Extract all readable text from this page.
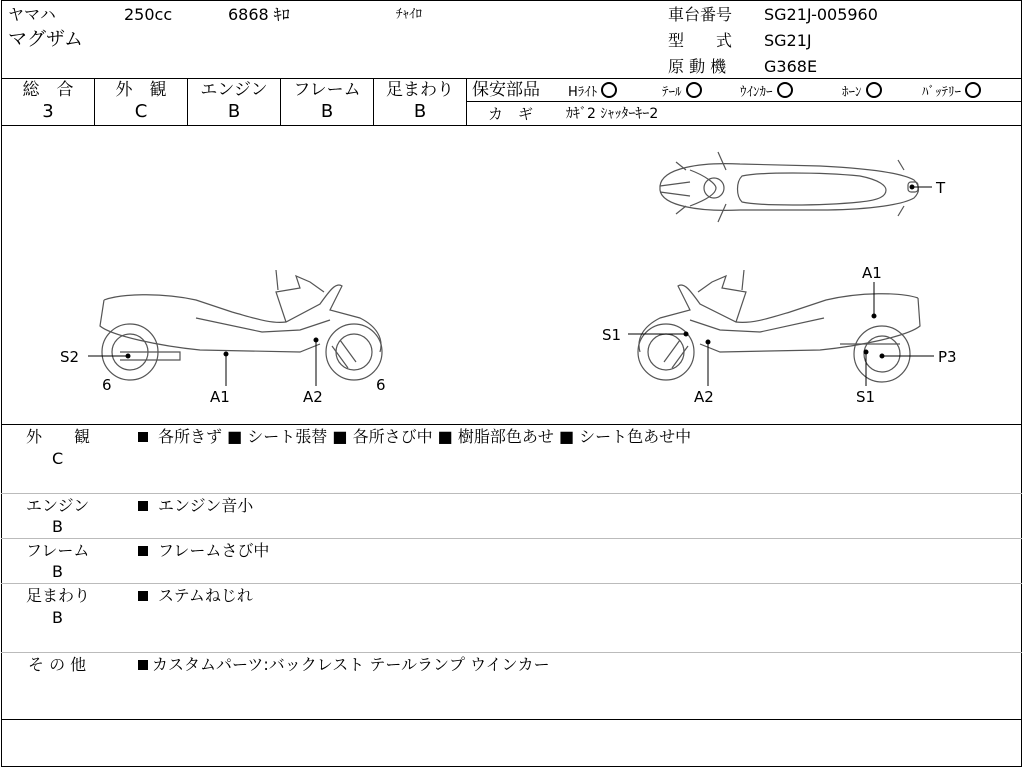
ヤマハ	250cc	6868 ｷﾛ	ﾁｬｲﾛ
マグザム
車台番号 SG21J-005960
型　　式 SG21J
原 動 機 G368E
総　合
3
外　観
C
エンジン
B
フレーム
B
足まわり
B
保安部品 Hﾗｲﾄ	ﾃｰﾙ	ｳｲﾝｶｰ	ﾎｰﾝ	ﾊﾞｯﾃﾘｰ
カ　ギ ｶｷﾞ2 ｼｬｯﾀｰｷｰ2
T
S2
6
A1	A2
6
A1
S1
P3
A2	S1
外　　観
C
各所きず ■ シート張替 ■ 各所さび中 ■ 樹脂部色あせ ■ シート色あせ中
エンジン
B
エンジン音小
フレーム
B
フレームさび中
足まわり
B
ステムねじれ
そ の 他	カスタムパーツ:バックレスト テールランプ ウインカー
